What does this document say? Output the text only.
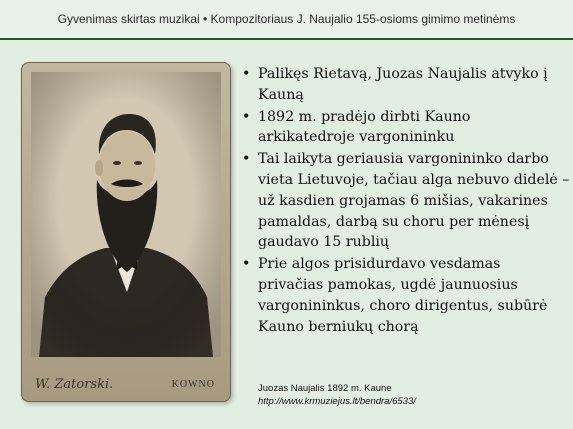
Gyvenimas skirtas muzikai • Kompozitoriaus J. Naujalio 155-osioms gimimo metinėms
W. Zatorski.	KOWNO
• Palikęs Rietavą, Juozas Naujalis atvyko į Kauną
• 1892 m. pradėjo dirbti Kauno arkikatedroje vargonininku
• Tai laikyta geriausia vargonininko darbo vieta Lietuvoje, tačiau alga nebuvo didelė – už kasdien grojamas 6 mišias, vakarines pamaldas, darbą su choru per mėnesį gaudavo 15 rublių
• Prie algos prisidurdavo vesdamas privačias pamokas, ugdė jaunuosius vargonininkus, choro dirigentus, subūrė Kauno berniukų chorą
Juozas Naujalis 1892 m. Kaune
http://www.krmuziejus.lt/bendra/6533/
